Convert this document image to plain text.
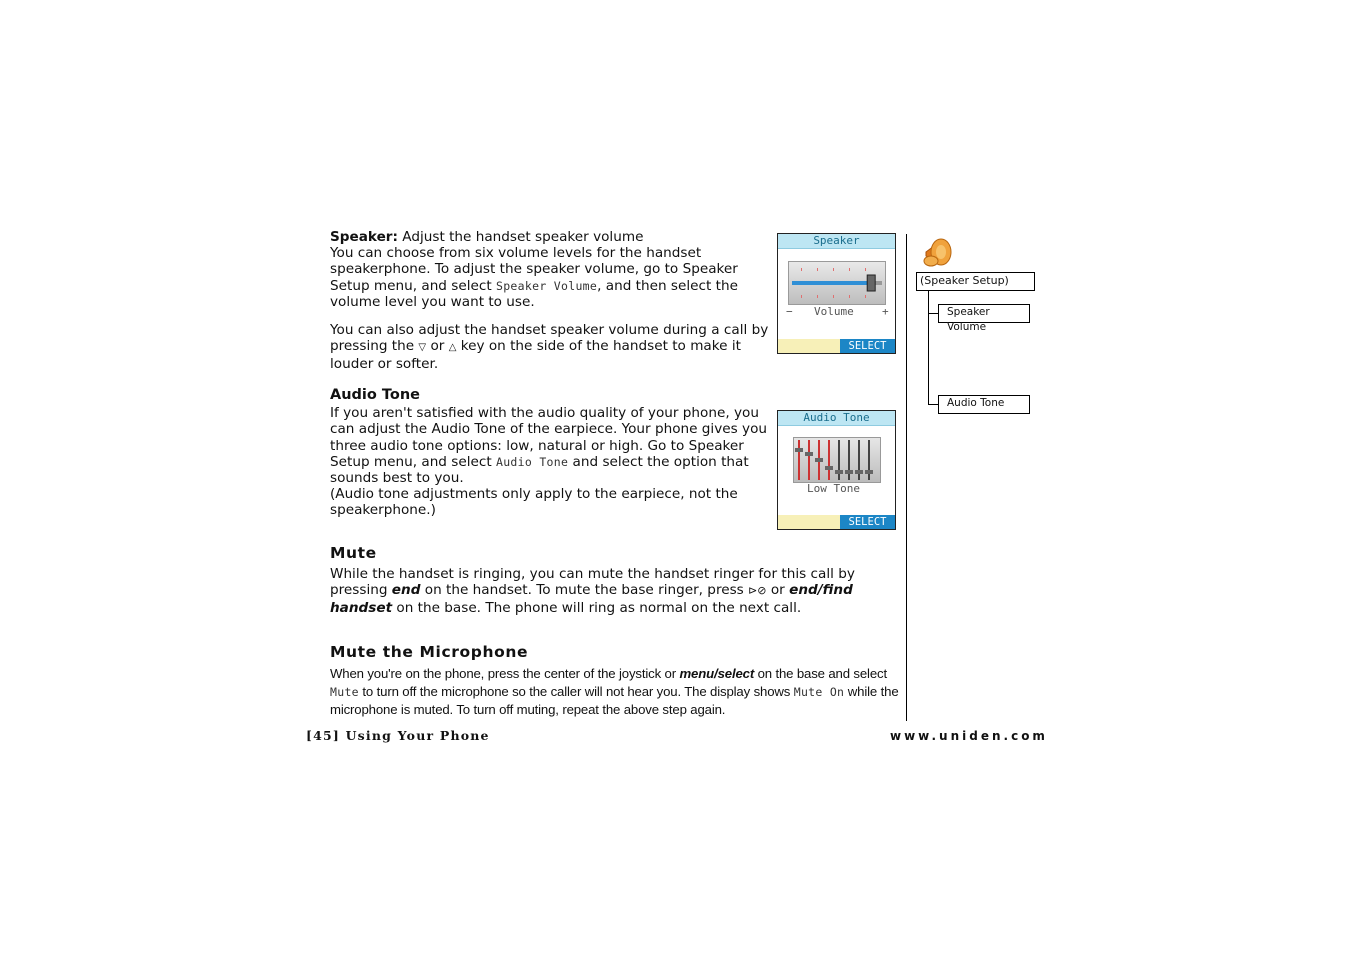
Speaker: Adjust the handset speaker volume

You can choose from six volume levels for the handset speakerphone. To adjust the speaker volume, go to Speaker Setup menu, and select Speaker Volume, and then select the volume level you want to use.

You can also adjust the handset speaker volume during a call by pressing the ▽ or △ key on the side of the handset to make it louder or softer.

Speaker
− Volume	+
SELECT
Audio Tone

If you aren't satisfied with the audio quality of your phone, you can adjust the Audio Tone of the earpiece. Your phone gives you three audio tone options: low, natural or high. Go to Speaker Setup menu, and select Audio Tone and select the option that sounds best to you.

(Audio tone adjustments only apply to the earpiece, not the speakerphone.)

Audio Tone
Low Tone
SELECT
Mute

While the handset is ringing, you can mute the handset ringer for this call by pressing end on the handset. To mute the base ringer, press ⊳⊘ or end/find handset on the base. The phone will ring as normal on the next call.

Mute the Microphone

When you're on the phone, press the center of the joystick or menu/select on the base and select Mute to turn off the microphone so the caller will not hear you. The display shows Mute On while the microphone is muted. To turn off muting, repeat the above step again.

(Speaker Setup)
Speaker Volume
Audio Tone
[45] Using Your Phone	www.uniden.com
